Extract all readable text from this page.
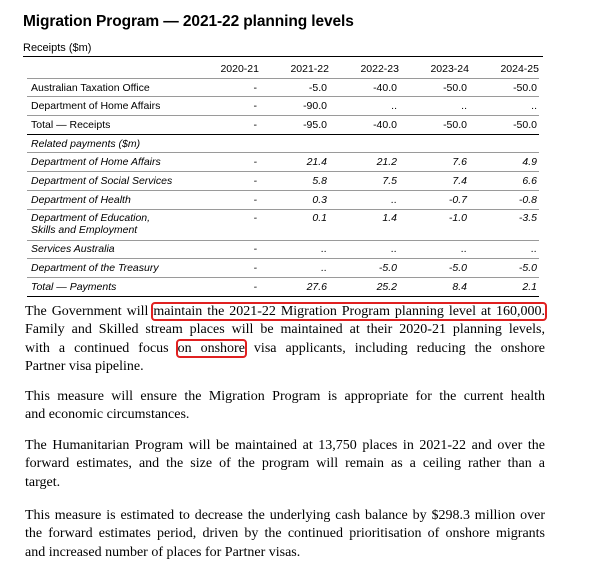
Migration Program — 2021-22 planning levels
Receipts ($m)
	2020-21	2021-22	2022-23	2023-24	2024-25
Australian Taxation Office	-	-5.0	-40.0	-50.0	-50.0
Department of Home Affairs	-	-90.0	..	..	..
Total — Receipts	-	-95.0	-40.0	-50.0	-50.0
Related payments ($m)					
Department of Home Affairs	-	21.4	21.2	7.6	4.9
Department of Social Services	-	5.8	7.5	7.4	6.6
Department of Health	-	0.3	..	-0.7	-0.8
Department of Education,
Skills and Employment	-	0.1	1.4	-1.0	-3.5
Services Australia	-	..	..	..	..
Department of the Treasury	-	..	-5.0	-5.0	-5.0
Total — Payments	-	27.6	25.2	8.4	2.1
The Government will maintain the 2021-22 Migration Program planning level at 160,000.
Family and Skilled stream places will be maintained at their 2020-21 planning levels,
with a continued focus on onshore visa applicants, including reducing the onshore
Partner visa pipeline.
This measure will ensure the Migration Program is appropriate for the current health
and economic circumstances.
The Humanitarian Program will be maintained at 13,750 places in 2021-22 and over the
forward estimates, and the size of the program will remain as a ceiling rather than a
target.
This measure is estimated to decrease the underlying cash balance by $298.3 million over
the forward estimates period, driven by the continued prioritisation of onshore migrants
and increased number of places for Partner visas.
